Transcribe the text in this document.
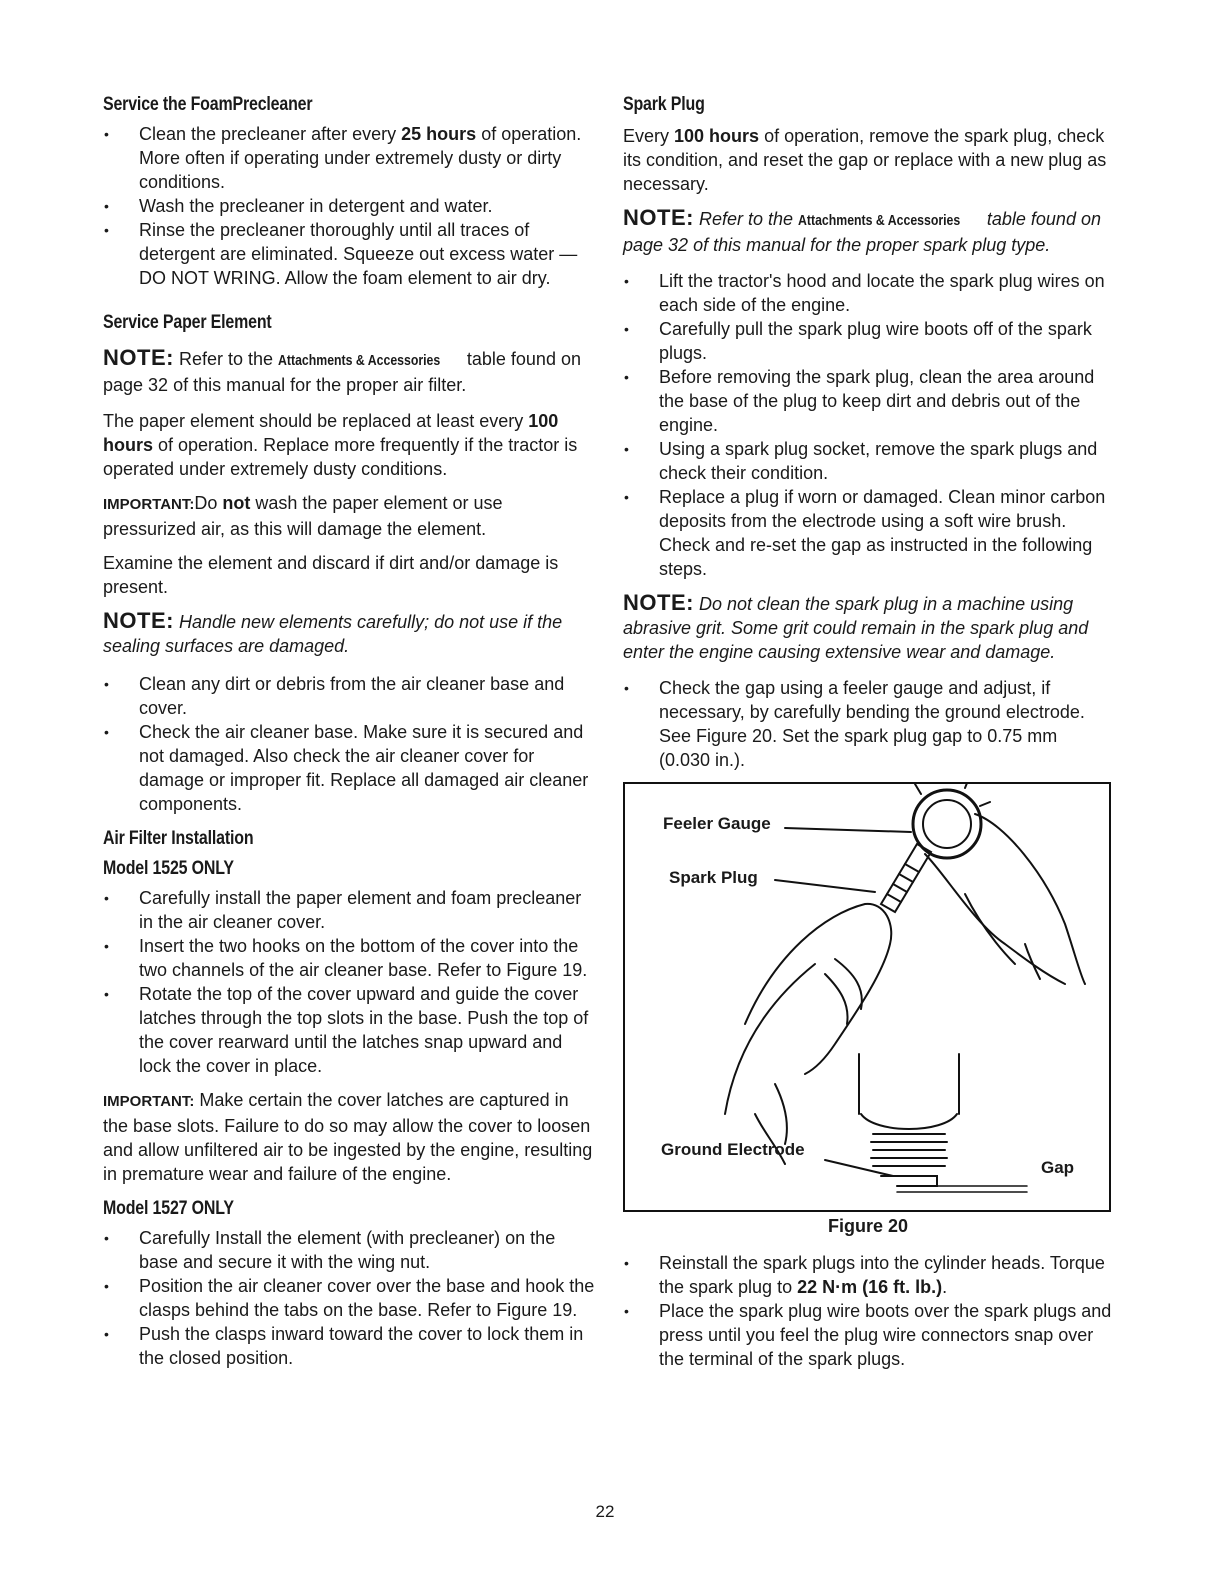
Service the FoamPrecleaner
• Clean the precleaner after every 25 hours of operation. More often if operating under extremely dusty or dirty conditions.
• Wash the precleaner in detergent and water.
• Rinse the precleaner thoroughly until all traces of detergent are eliminated. Squeeze out excess water — DO NOT WRING. Allow the foam element to air dry.
Service Paper Element
NOTE: Refer to the Attachments & Accessories table found on page 32 of this manual for the proper air filter.
The paper element should be replaced at least every 100 hours of operation. Replace more frequently if the tractor is operated under extremely dusty conditions.
IMPORTANT:Do not wash the paper element or use pressurized air, as this will damage the element.
Examine the element and discard if dirt and/or damage is present.
NOTE: Handle new elements carefully; do not use if the sealing surfaces are damaged.
• Clean any dirt or debris from the air cleaner base and cover.
• Check the air cleaner base. Make sure it is secured and not damaged. Also check the air cleaner cover for damage or improper fit. Replace all damaged air cleaner components.
Air Filter Installation
Model 1525 ONLY
• Carefully install the paper element and foam precleaner in the air cleaner cover.
• Insert the two hooks on the bottom of the cover into the two channels of the air cleaner base. Refer to Figure 19.
• Rotate the top of the cover upward and guide the cover latches through the top slots in the base. Push the top of the cover rearward until the latches snap upward and lock the cover in place.
IMPORTANT: Make certain the cover latches are captured in the base slots. Failure to do so may allow the cover to loosen and allow unfiltered air to be ingested by the engine, resulting in premature wear and failure of the engine.
Model 1527 ONLY
• Carefully Install the element (with precleaner) on the base and secure it with the wing nut.
• Position the air cleaner cover over the base and hook the clasps behind the tabs on the base. Refer to Figure 19.
• Push the clasps inward toward the cover to lock them in the closed position.
Spark Plug
Every 100 hours of operation, remove the spark plug, check its condition, and reset the gap or replace with a new plug as necessary.
NOTE: Refer to the Attachments & Accessories table found on page 32 of this manual for the proper spark plug type.
• Lift the tractor's hood and locate the spark plug wires on each side of the engine.
• Carefully pull the spark plug wire boots off of the spark plugs.
• Before removing the spark plug, clean the area around the base of the plug to keep dirt and debris out of the engine.
• Using a spark plug socket, remove the spark plugs and check their condition.
• Replace a plug if worn or damaged. Clean minor carbon deposits from the electrode using a soft wire brush. Check and re-set the gap as instructed in the following steps.
NOTE: Do not clean the spark plug in a machine using abrasive grit. Some grit could remain in the spark plug and enter the engine causing extensive wear and damage.
• Check the gap using a feeler gauge and adjust, if necessary, by carefully bending the ground electrode. See Figure 20. Set the spark plug gap to 0.75 mm (0.030 in.).
Feeler Gauge
Spark Plug
Ground Electrode
Gap
Figure 20
• Reinstall the spark plugs into the cylinder heads. Torque the spark plug to 22 N·m (16 ft. lb.).
• Place the spark plug wire boots over the spark plugs and press until you feel the plug wire connectors snap over the terminal of the spark plugs.
22
